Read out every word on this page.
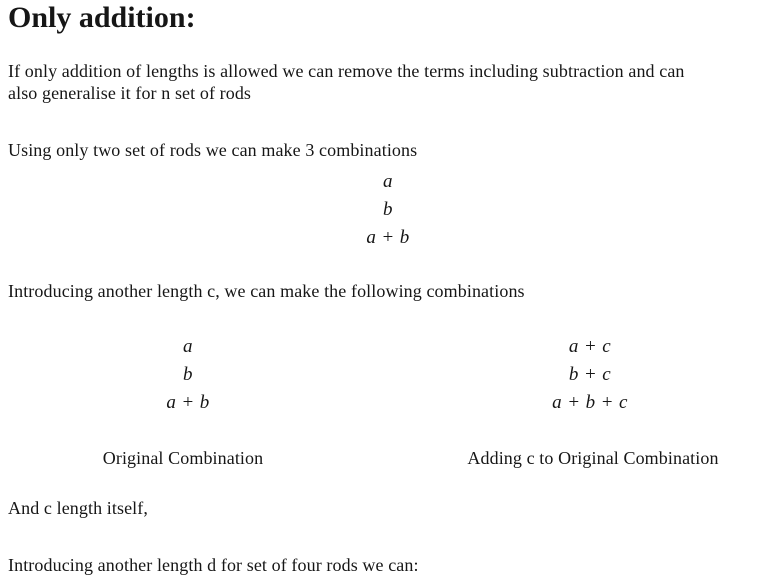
Only addition:
If only addition of lengths is allowed we can remove the terms including subtraction and can
also generalise it for n set of rods
Using only two set of rods we can make 3 combinations
a
b
a + b
Introducing another length c, we can make the following combinations
a
b
a + b
a + c
b + c
a + b + c
Original Combination	Adding c to Original Combination
And c length itself,
Introducing another length d for set of four rods we can:
